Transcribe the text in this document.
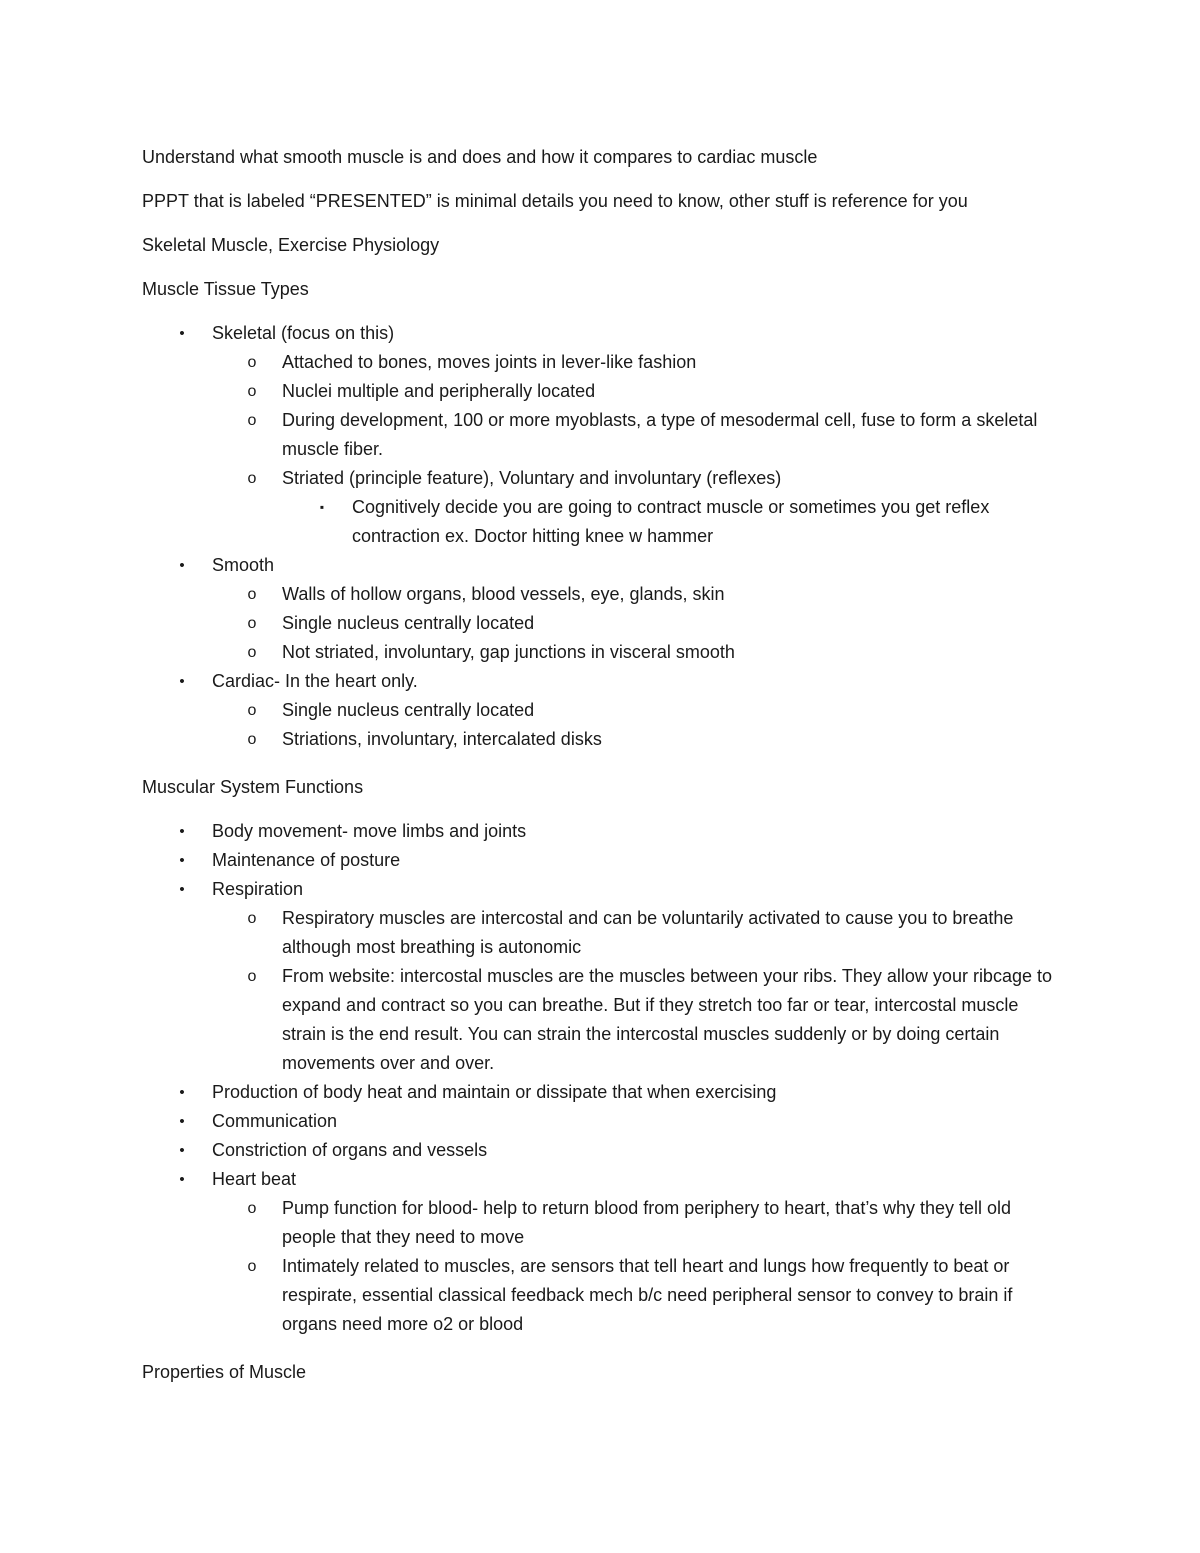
Understand what smooth muscle is and does and how it compares to cardiac muscle

PPPT that is labeled “PRESENTED” is minimal details you need to know, other stuff is reference for you

Skeletal Muscle, Exercise Physiology

Muscle Tissue Types

•	Skeletal (focus on this)
o Attached to bones, moves joints in lever-like fashion
o Nuclei multiple and peripherally located
o During development, 100 or more myoblasts, a type of mesodermal cell, fuse to form a skeletal muscle fiber.
o Striated (principle feature), Voluntary and involuntary (reflexes)
▪ Cognitively decide you are going to contract muscle or sometimes you get reflex contraction ex. Doctor hitting knee w hammer
•	Smooth
o Walls of hollow organs, blood vessels, eye, glands, skin
o Single nucleus centrally located
o Not striated, involuntary, gap junctions in visceral smooth
•	Cardiac- In the heart only.
o Single nucleus centrally located
o Striations, involuntary, intercalated disks

Muscular System Functions

•	Body movement- move limbs and joints
•	Maintenance of posture
•	Respiration
o Respiratory muscles are intercostal and can be voluntarily activated to cause you to breathe although most breathing is autonomic
o From website: intercostal muscles are the muscles between your ribs. They allow your ribcage to expand and contract so you can breathe. But if they stretch too far or tear, intercostal muscle strain is the end result. You can strain the intercostal muscles suddenly or by doing certain movements over and over.
•	Production of body heat and maintain or dissipate that when exercising
•	Communication
•	Constriction of organs and vessels
•	Heart beat
o Pump function for blood- help to return blood from periphery to heart, that’s why they tell old people that they need to move
o Intimately related to muscles, are sensors that tell heart and lungs how frequently to beat or respirate, essential classical feedback mech b/c need peripheral sensor to convey to brain if organs need more o2 or blood

Properties of Muscle
